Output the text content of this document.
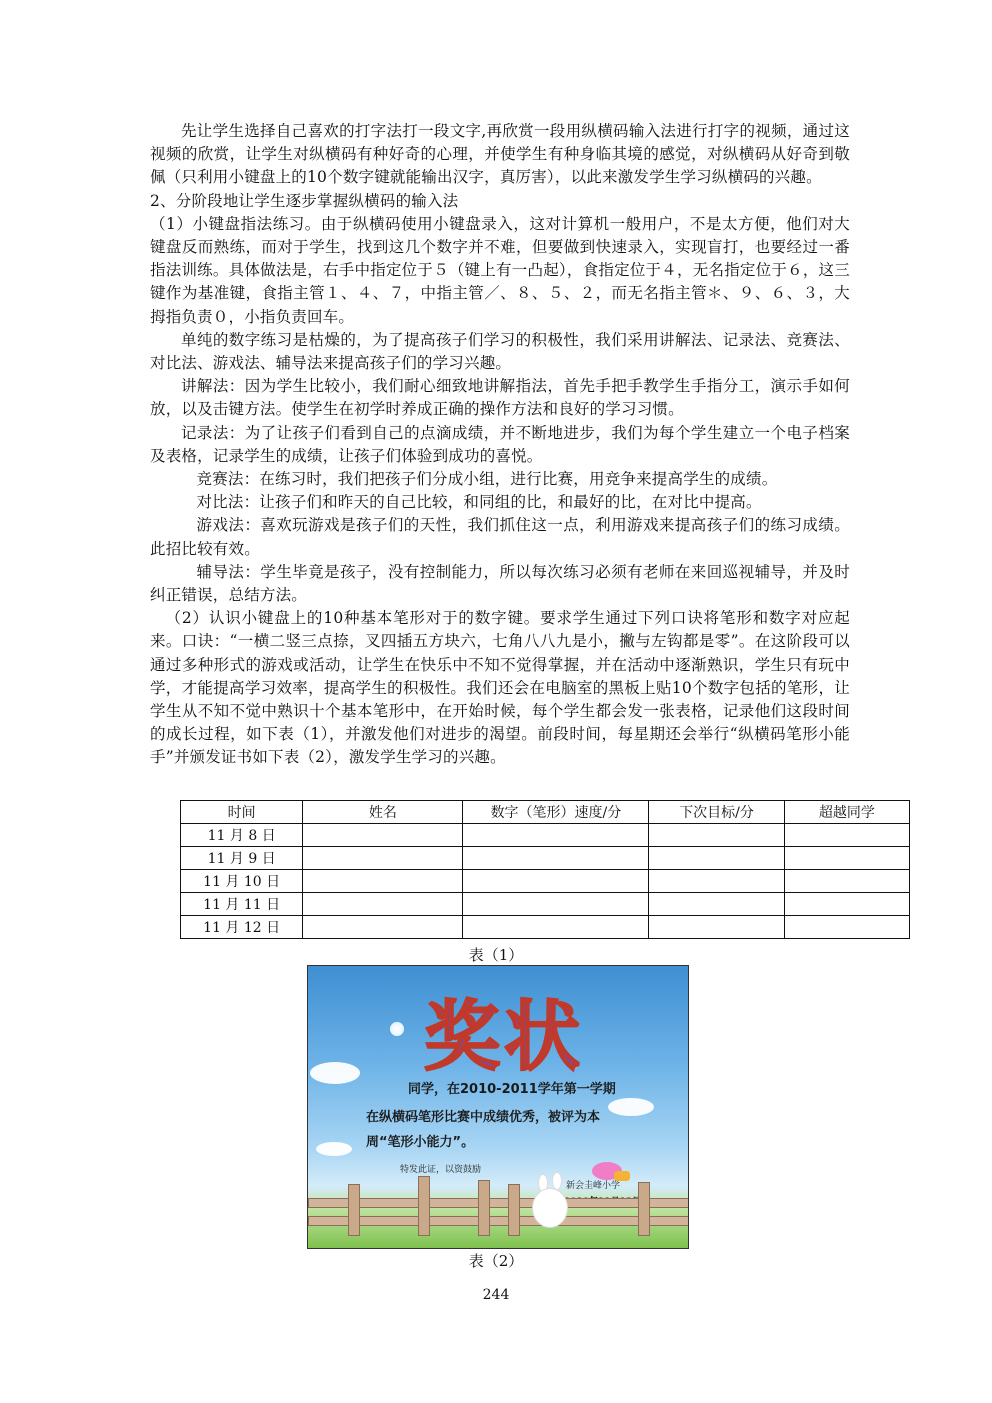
先让学生选择自己喜欢的打字法打一段文字,再欣赏一段用纵横码输入法进行打字的视频，通过这视频的欣赏，让学生对纵横码有种好奇的心理，并使学生有种身临其境的感觉，对纵横码从好奇到敬佩（只利用小键盘上的10个数字键就能输出汉字，真厉害），以此来激发学生学习纵横码的兴趣。

2、分阶段地让学生逐步掌握纵横码的输入法

（1）小键盘指法练习。由于纵横码使用小键盘录入，这对计算机一般用户，不是太方便，他们对大键盘反而熟练，而对于学生，找到这几个数字并不难，但要做到快速录入，实现盲打，也要经过一番指法训练。具体做法是，右手中指定位于５（键上有一凸起），食指定位于４，无名指定位于６，这三键作为基准键，食指主管１、４、７，中指主管／、８、５、２，而无名指主管＊、９、６、３，大拇指负责０，小指负责回车。

单纯的数字练习是枯燥的，为了提高孩子们学习的积极性，我们采用讲解法、记录法、竞赛法、对比法、游戏法、辅导法来提高孩子们的学习兴趣。

讲解法：因为学生比较小，我们耐心细致地讲解指法，首先手把手教学生手指分工，演示手如何放，以及击键方法。使学生在初学时养成正确的操作方法和良好的学习习惯。

记录法：为了让孩子们看到自己的点滴成绩，并不断地进步，我们为每个学生建立一个电子档案及表格，记录学生的成绩，让孩子们体验到成功的喜悦。

竞赛法：在练习时，我们把孩子们分成小组，进行比赛，用竞争来提高学生的成绩。

对比法：让孩子们和昨天的自己比较，和同组的比，和最好的比，在对比中提高。

游戏法：喜欢玩游戏是孩子们的天性，我们抓住这一点，利用游戏来提高孩子们的练习成绩。此招比较有效。

辅导法：学生毕竟是孩子，没有控制能力，所以每次练习必须有老师在来回巡视辅导，并及时纠正错误，总结方法。

（2）认识小键盘上的10种基本笔形对于的数字键。要求学生通过下列口诀将笔形和数字对应起来。口诀：“一横二竖三点捺，叉四插五方块六，七角八八九是小，撇与左钩都是零”。在这阶段可以通过多种形式的游戏或活动，让学生在快乐中不知不觉得掌握，并在活动中逐渐熟识，学生只有玩中学，才能提高学习效率，提高学生的积极性。我们还会在电脑室的黑板上贴10个数字包括的笔形，让学生从不知不觉中熟识十个基本笔形中，在开始时候，每个学生都会发一张表格，记录他们这段时间的成长过程，如下表（1），并激发他们对进步的渴望。前段时间，每星期还会举行“纵横码笔形小能手”并颁发证书如下表（2），激发学生学习的兴趣。

时间	姓名	数字（笔形）速度/分	下次目标/分	超越同学
11 月 8 日				
11 月 9 日				
11 月 10 日				
11 月 11 日				
11 月 12 日				
表（1）
奖状
同学，在2010-2011学年第一学期
在纵横码笔形比赛中成绩优秀，被评为本
周“笔形小能力”。
特发此证，以资鼓励
新会圭峰小学
表（2）
244
